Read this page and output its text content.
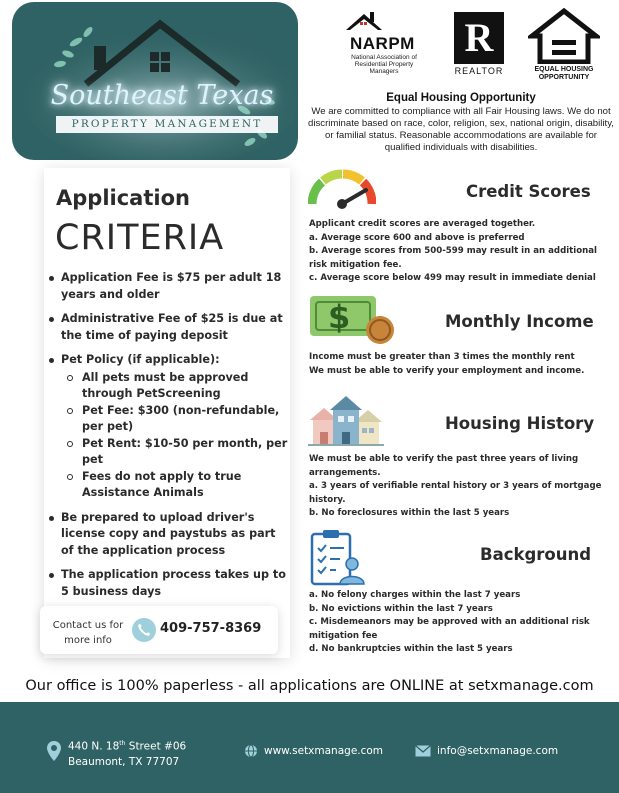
Southeast Texas
PROPERTY MANAGEMENT
NARPM
National Association of Residential Property Managers
R
REALTOR	EQUAL HOUSING OPPORTUNITY
Equal Housing Opportunity
We are committed to compliance with all Fair Housing laws. We do not discriminate based on race, color, religion, sex, national origin, disability, or familial status. Reasonable accommodations are available for qualified individuals with disabilities.
Application
CRITERIA
Application Fee is $75 per adult 18 years and older
Administrative Fee of $25 is due at the time of paying deposit
Pet Policy (if applicable):
All pets must be approved through PetScreening
Pet Fee: $300 (non-refundable, per pet)
Pet Rent: $10-50 per month, per pet
Fees do not apply to true Assistance Animals
Be prepared to upload driver's license copy and paystubs as part of the application process
The application process takes up to 5 business days
Contact us for more info
409-757-8369
Credit Scores
Applicant credit scores are averaged together.
a. Average score 600 and above is preferred
b. Average scores from 500-599 may result in an additional risk mitigation fee.
c. Average score below 499 may result in immediate denial
$	Monthly Income
Income must be greater than 3 times the monthly rent
We must be able to verify your employment and income.
Housing History
We must be able to verify the past three years of living arrangements.
a. 3 years of verifiable rental history or 3 years of mortgage history.
b. No foreclosures within the last 5 years
Background
a. No felony charges within the last 7 years
b. No evictions within the last 7 years
c. Misdemeanors may be approved with an additional risk mitigation fee
d. No bankruptcies within the last 5 years
Our office is 100% paperless - all applications are ONLINE at setxmanage.com
440 N. 18th Street #06
Beaumont, TX 77707
www.setxmanage.com	info@setxmanage.com
